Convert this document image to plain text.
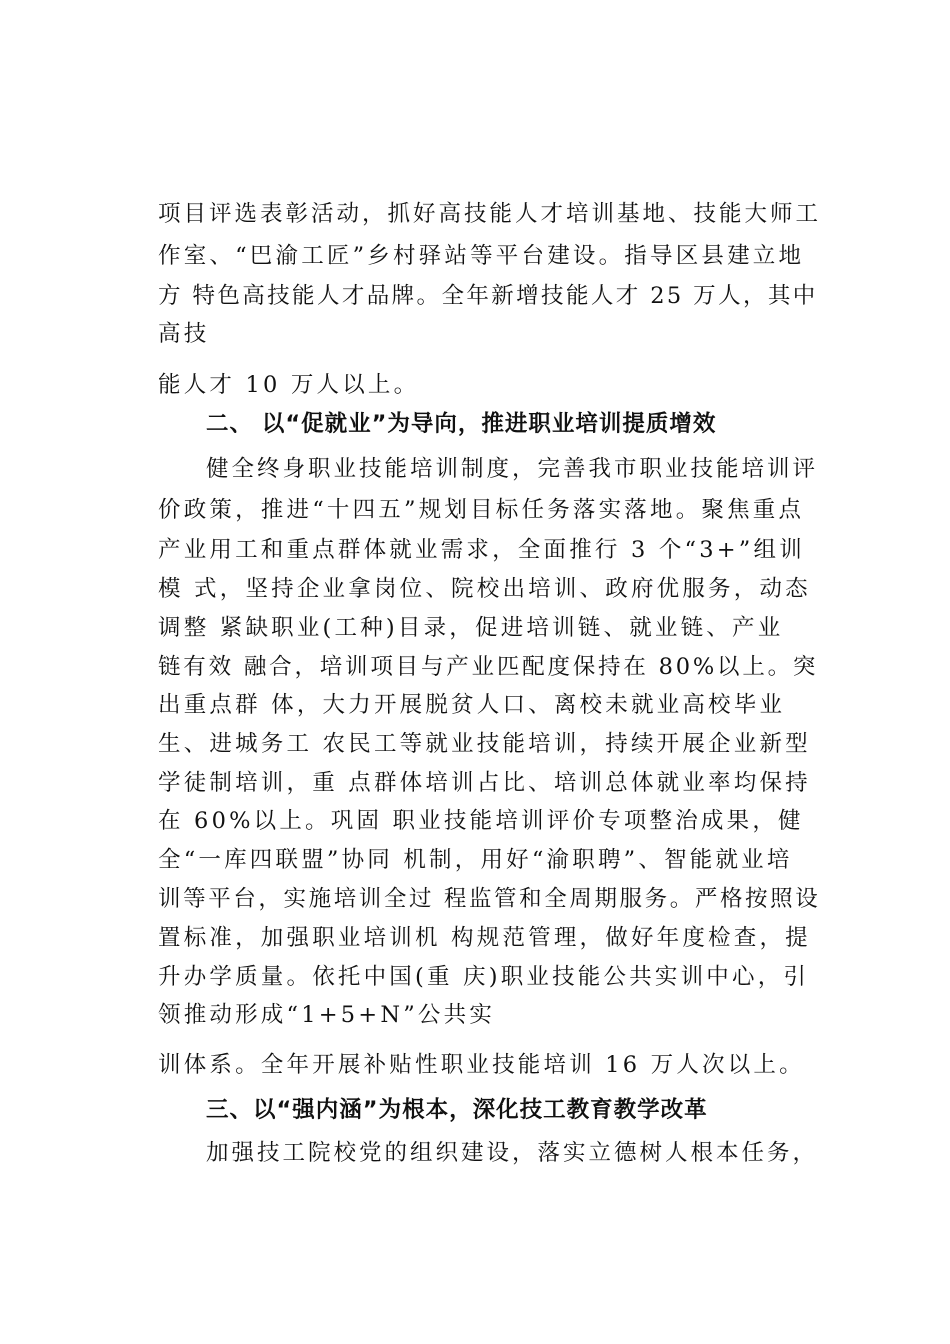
项目评选表彰活动，抓好高技能人才培训基地、技能大师工
作室、“巴渝工匠”乡村驿站等平台建设。指导区县建立地
方 特色高技能人才品牌。全年新增技能人才 25 万人，其中
高技
能人才 10 万人以上。
二、 以“促就业”为导向，推进职业培训提质增效
健全终身职业技能培训制度，完善我市职业技能培训评
价政策，推进“十四五”规划目标任务落实落地。聚焦重点
产业用工和重点群体就业需求，全面推行 3 个“3+”组训
模 式，坚持企业拿岗位、院校出培训、政府优服务，动态
调整 紧缺职业(工种)目录，促进培训链、就业链、产业
链有效 融合，培训项目与产业匹配度保持在 80%以上。突
出重点群 体，大力开展脱贫人口、离校未就业高校毕业
生、进城务工 农民工等就业技能培训，持续开展企业新型
学徒制培训，重 点群体培训占比、培训总体就业率均保持
在 60%以上。巩固 职业技能培训评价专项整治成果，健
全“一库四联盟”协同 机制，用好“渝职聘”、智能就业培
训等平台，实施培训全过 程监管和全周期服务。严格按照设
置标准，加强职业培训机 构规范管理，做好年度检查，提
升办学质量。依托中国(重 庆)职业技能公共实训中心，引
领推动形成“1+5+N”公共实
训体系。全年开展补贴性职业技能培训 16 万人次以上。
三、以“强内涵”为根本，深化技工教育教学改革
加强技工院校党的组织建设，落实立德树人根本任务，
